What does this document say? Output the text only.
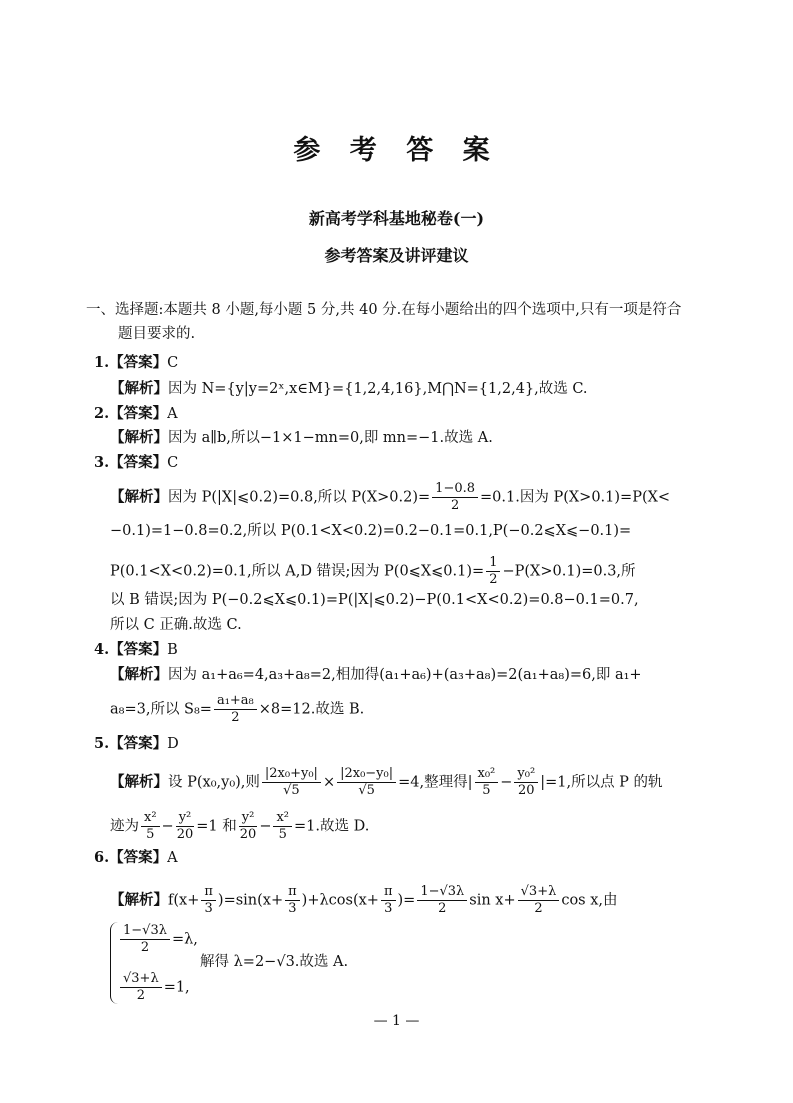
参 考 答 案
新高考学科基地秘卷(一)
参考答案及讲评建议
一、选择题:本题共 8 小题,每小题 5 分,共 40 分.在每小题给出的四个选项中,只有一项是符合
题目要求的.
1.【答案】C
【解析】因为 N={y|y=2ˣ,x∈M}={1,2,4,16},M⋂N={1,2,4},故选 C.
2.【答案】A
【解析】因为 a∥b,所以−1×1−mn=0,即 mn=−1.故选 A.
3.【答案】C
【解析】因为 P(|X|⩽0.2)=0.8,所以 $P(X>0.2)= \frac{1-0.8}{2} =0.1$.因为 P(X>0.1)=P(X<
−0.1)=1−0.8=0.2,所以 P(0.1<X<0.2)=0.2−0.1=0.1,P(−0.2⩽X⩽−0.1)=
P(0.1<X<0.2)=0.1,所以 A,D 错误;因为 P(0⩽X⩽0.1)= $\frac{1}{2} -P(X>0.1)=0.3$,所
以 B 错误;因为 P(−0.2⩽X⩽0.1)=P(|X|⩽0.2)−P(0.1<X<0.2)=0.8−0.1=0.7,
所以 C 正确.故选 C.
4.【答案】B
【解析】因为 a₁+a₆=4,a₃+a₈=2,相加得(a₁+a₆)+(a₃+a₈)=2(a₁+a₈)=6,即 a₁+
a₈=3,所以 $S_8= \frac{\text{a₁+a₈}}{2} \times 8=12$.故选 B.
5.【答案】D
【解析】设 P(x₀,y₀),则 $\frac{\text{|2x₀+y₀|}}{√5} \times \frac{\text{|2x₀−y₀|}}{√5} =4$,整理得| $\frac{\text{x₀²}}{5} - \frac{\text{y₀²}}{20} |=1$,所以点 P 的轨
迹为 $\frac{\text{x²}}{5} - \frac{\text{y²}}{20} =1$ 和 $\frac{\text{y²}}{20} - \frac{\text{x²}}{5} =1$.故选 D.
6.【答案】A
【解析】$f(x+ \frac{\pi}{3} )=\sin(x+ \frac{\pi}{3} )+\lambda\cos(x+ \frac{\pi}{3}$ )= $\frac{1-√3\lambda}{2}$ $\sin x+ \frac{√3+\lambda}{2}$ cos x,由
$\frac{1-√3\lambda}{2} =\lambda$,
解得 λ=2−√3.故选 A.
$\frac{√3+\lambda}{2} =1$,
— 1 —
